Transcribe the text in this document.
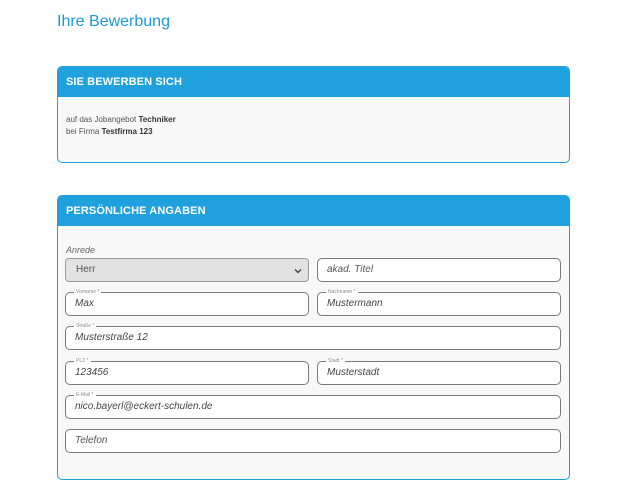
Ihre Bewerbung
SIE BEWERBEN SICH
auf das Jobangebot Techniker
bei Firma Testfirma 123
PERSÖNLICHE ANGABEN
Anrede
Herr	akad. Titel
Vorname *
Max
Nachname *
Mustermann
Straße *
Musterstraße 12
PLZ *
123456
Stadt *
Musterstadt
E-Mail *
nico.bayerl@eckert-schulen.de
Telefon
